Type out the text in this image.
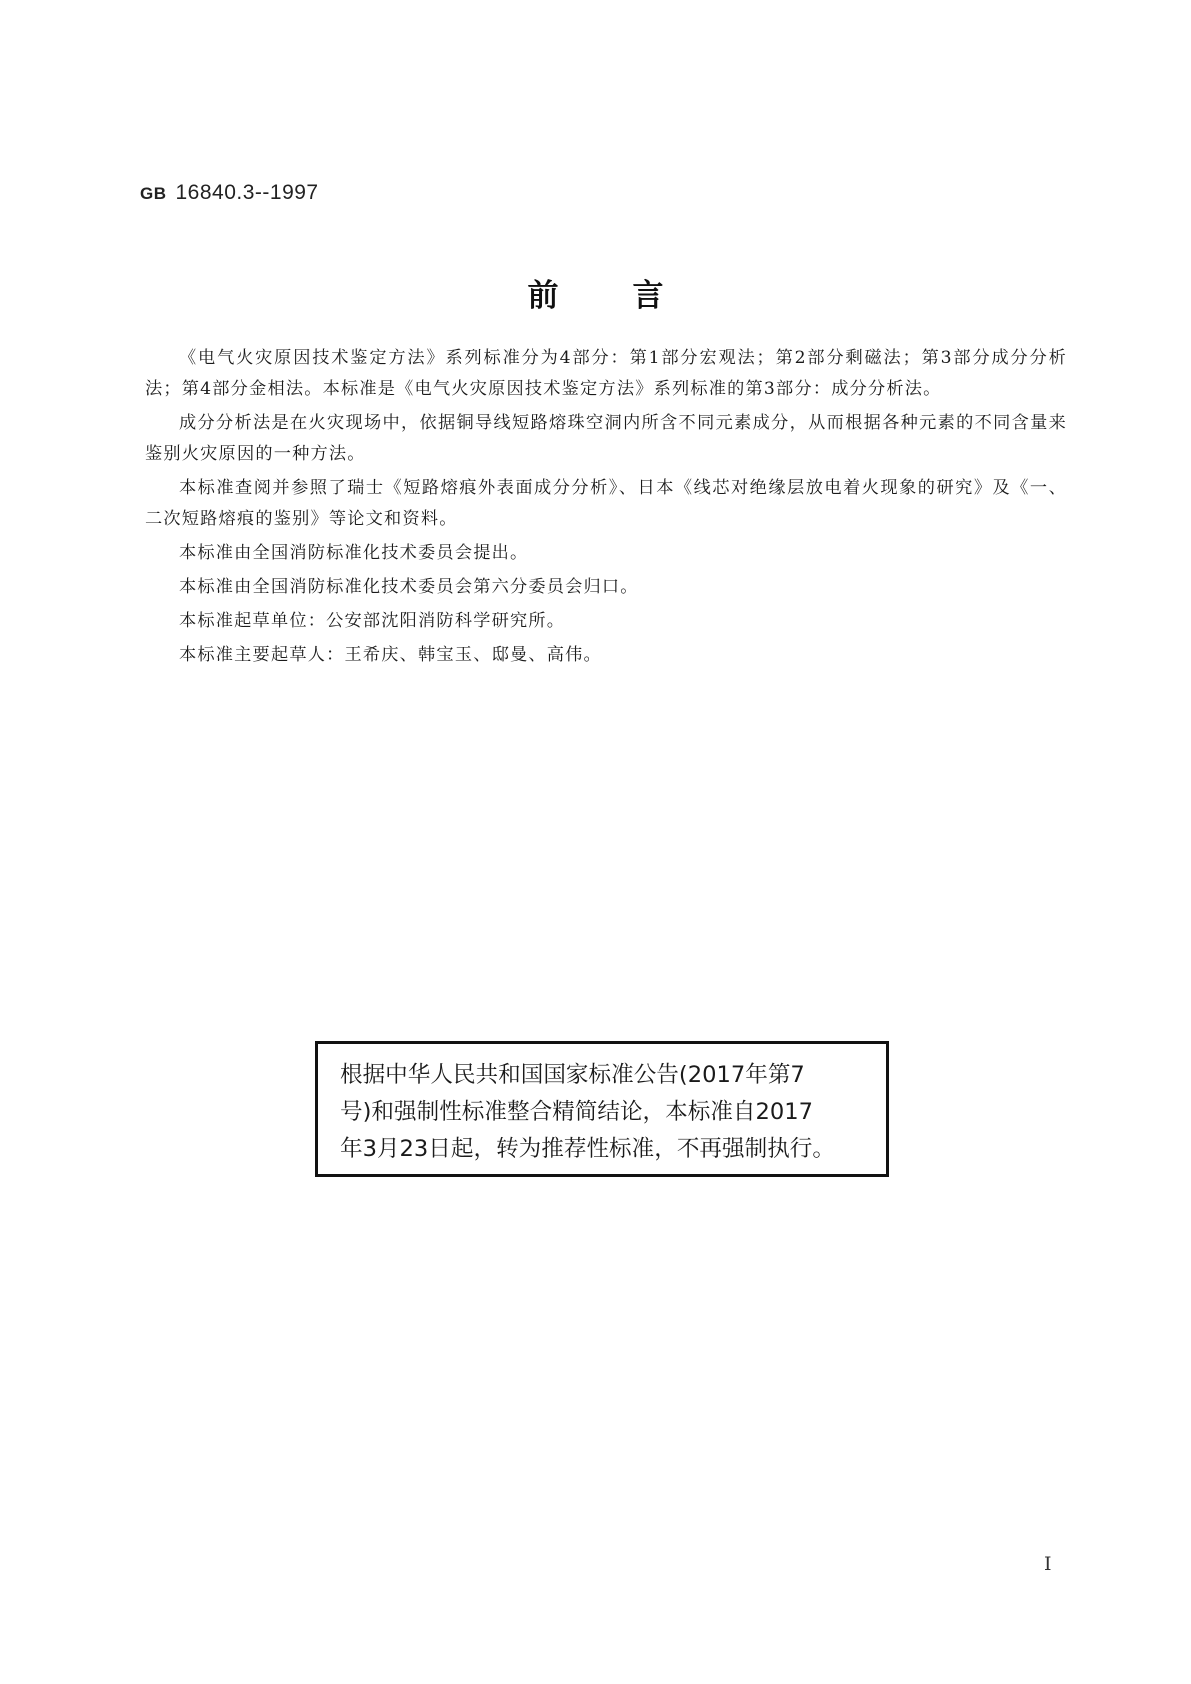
GB 16840.3--1997
前言

《电气火灾原因技术鉴定方法》系列标准分为4部分：第1部分宏观法；第2部分剩磁法；第3部分成分分析法；第4部分金相法。本标准是《电气火灾原因技术鉴定方法》系列标准的第3部分：成分分析法。

成分分析法是在火灾现场中，依据铜导线短路熔珠空洞内所含不同元素成分，从而根据各种元素的不同含量来鉴别火灾原因的一种方法。

本标准查阅并参照了瑞士《短路熔痕外表面成分分析》、日本《线芯对绝缘层放电着火现象的研究》及《一、二次短路熔痕的鉴别》等论文和资料。

本标准由全国消防标准化技术委员会提出。

本标准由全国消防标准化技术委员会第六分委员会归口。

本标准起草单位：公安部沈阳消防科学研究所。

本标准主要起草人：王希庆、韩宝玉、邸曼、高伟。

根据中华人民共和国国家标准公告(2017年第7
号)和强制性标准整合精简结论，本标准自2017
年3月23日起，转为推荐性标准，不再强制执行。
I
